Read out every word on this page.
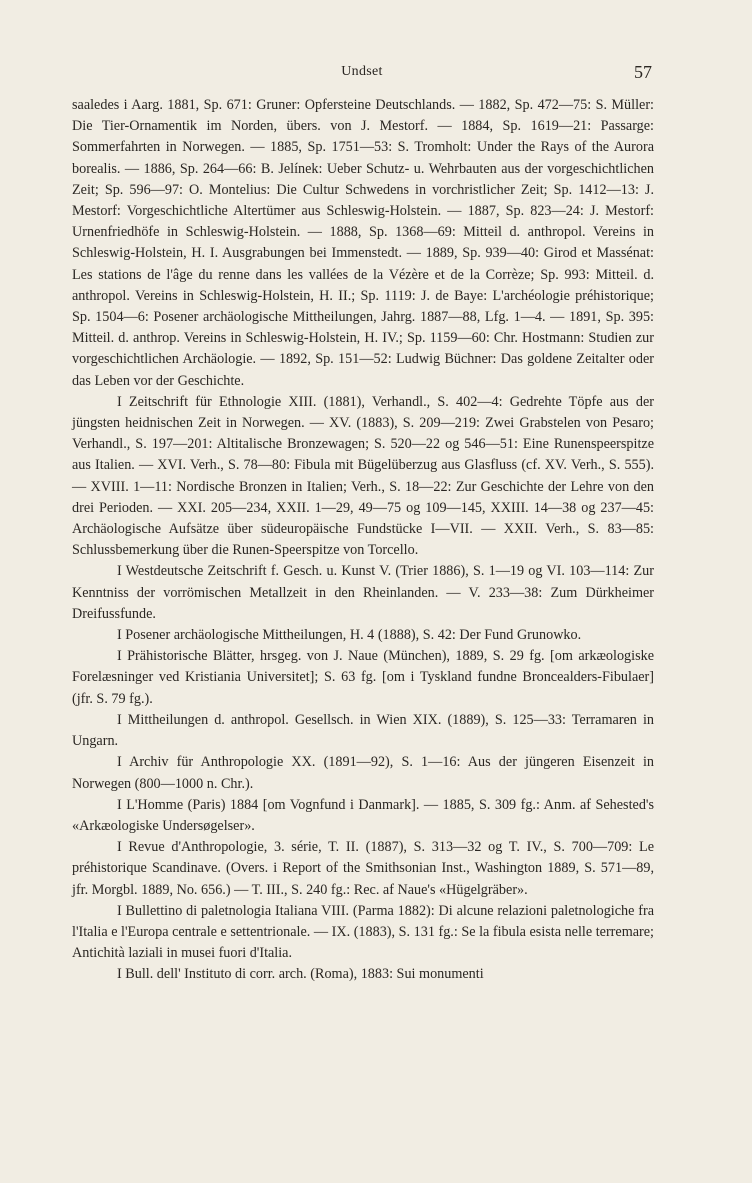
Undset	57

saaledes i Aarg. 1881, Sp. 671: Gruner: Opfersteine Deutschlands. — 1882, Sp. 472—75: S. Müller: Die Tier-Ornamentik im Norden, übers. von J. Mestorf. — 1884, Sp. 1619—21: Passarge: Sommerfahrten in Norwegen. — 1885, Sp. 1751—53: S. Tromholt: Under the Rays of the Aurora borealis. — 1886, Sp. 264—66: B. Jelínek: Ueber Schutz- u. Wehrbauten aus der vorgeschichtlichen Zeit; Sp. 596—97: O. Montelius: Die Cultur Schwedens in vorchristlicher Zeit; Sp. 1412—13: J. Mestorf: Vorgeschichtliche Altertümer aus Schleswig-Holstein. — 1887, Sp. 823—24: J. Mestorf: Urnenfriedhöfe in Schleswig-Holstein. — 1888, Sp. 1368—69: Mitteil d. anthropol. Vereins in Schleswig-Holstein, H. I. Ausgrabungen bei Immenstedt. — 1889, Sp. 939—40: Girod et Massénat: Les stations de l'âge du renne dans les vallées de la Vézère et de la Corrèze; Sp. 993: Mitteil. d. anthropol. Vereins in Schleswig-Holstein, H. II.; Sp. 1119: J. de Baye: L'archéologie préhistorique; Sp. 1504—6: Posener archäologische Mittheilungen, Jahrg. 1887—88, Lfg. 1—4. — 1891, Sp. 395: Mitteil. d. anthrop. Vereins in Schleswig-Holstein, H. IV.; Sp. 1159—60: Chr. Hostmann: Studien zur vorgeschichtlichen Archäologie. — 1892, Sp. 151—52: Ludwig Büchner: Das goldene Zeitalter oder das Leben vor der Geschichte.

I Zeitschrift für Ethnologie XIII. (1881), Verhandl., S. 402—4: Gedrehte Töpfe aus der jüngsten heidnischen Zeit in Norwegen. — XV. (1883), S. 209—219: Zwei Grabstelen von Pesaro; Verhandl., S. 197—201: Altitalische Bronzewagen; S. 520—22 og 546—51: Eine Runenspeerspitze aus Italien. — XVI. Verh., S. 78—80: Fibula mit Bügelüberzug aus Glasfluss (cf. XV. Verh., S. 555). — XVIII. 1—11: Nordische Bronzen in Italien; Verh., S. 18—22: Zur Geschichte der Lehre von den drei Perioden. — XXI. 205—234, XXII. 1—29, 49—75 og 109—145, XXIII. 14—38 og 237—45: Archäologische Aufsätze über südeuropäische Fundstücke I—VII. — XXII. Verh., S. 83—85: Schlussbemerkung über die Runen-Speerspitze von Torcello.

I Westdeutsche Zeitschrift f. Gesch. u. Kunst V. (Trier 1886), S. 1—19 og VI. 103—114: Zur Kenntniss der vorrömischen Metallzeit in den Rheinlanden. — V. 233—38: Zum Dürkheimer Dreifussfunde.

I Posener archäologische Mittheilungen, H. 4 (1888), S. 42: Der Fund Grunowko.

I Prähistorische Blätter, hrsgeg. von J. Naue (München), 1889, S. 29 fg. [om arkæologiske Forelæsninger ved Kristiania Universitet]; S. 63 fg. [om i Tyskland fundne Broncealders-Fibulaer] (jfr. S. 79 fg.).

I Mittheilungen d. anthropol. Gesellsch. in Wien XIX. (1889), S. 125—33: Terramaren in Ungarn.

I Archiv für Anthropologie XX. (1891—92), S. 1—16: Aus der jüngeren Eisenzeit in Norwegen (800—1000 n. Chr.).

I L'Homme (Paris) 1884 [om Vognfund i Danmark]. — 1885, S. 309 fg.: Anm. af Sehested's «Arkæologiske Undersøgelser».

I Revue d'Anthropologie, 3. série, T. II. (1887), S. 313—32 og T. IV., S. 700—709: Le préhistorique Scandinave. (Overs. i Report of the Smithsonian Inst., Washington 1889, S. 571—89, jfr. Morgbl. 1889, No. 656.) — T. III., S. 240 fg.: Rec. af Naue's «Hügelgräber».

I Bullettino di paletnologia Italiana VIII. (Parma 1882): Di alcune relazioni paletnologiche fra l'Italia e l'Europa centrale e settentrionale. — IX. (1883), S. 131 fg.: Se la fibula esista nelle terremare; Antichità laziali in musei fuori d'Italia.

I Bull. dell' Instituto di corr. arch. (Roma), 1883: Sui monumenti
